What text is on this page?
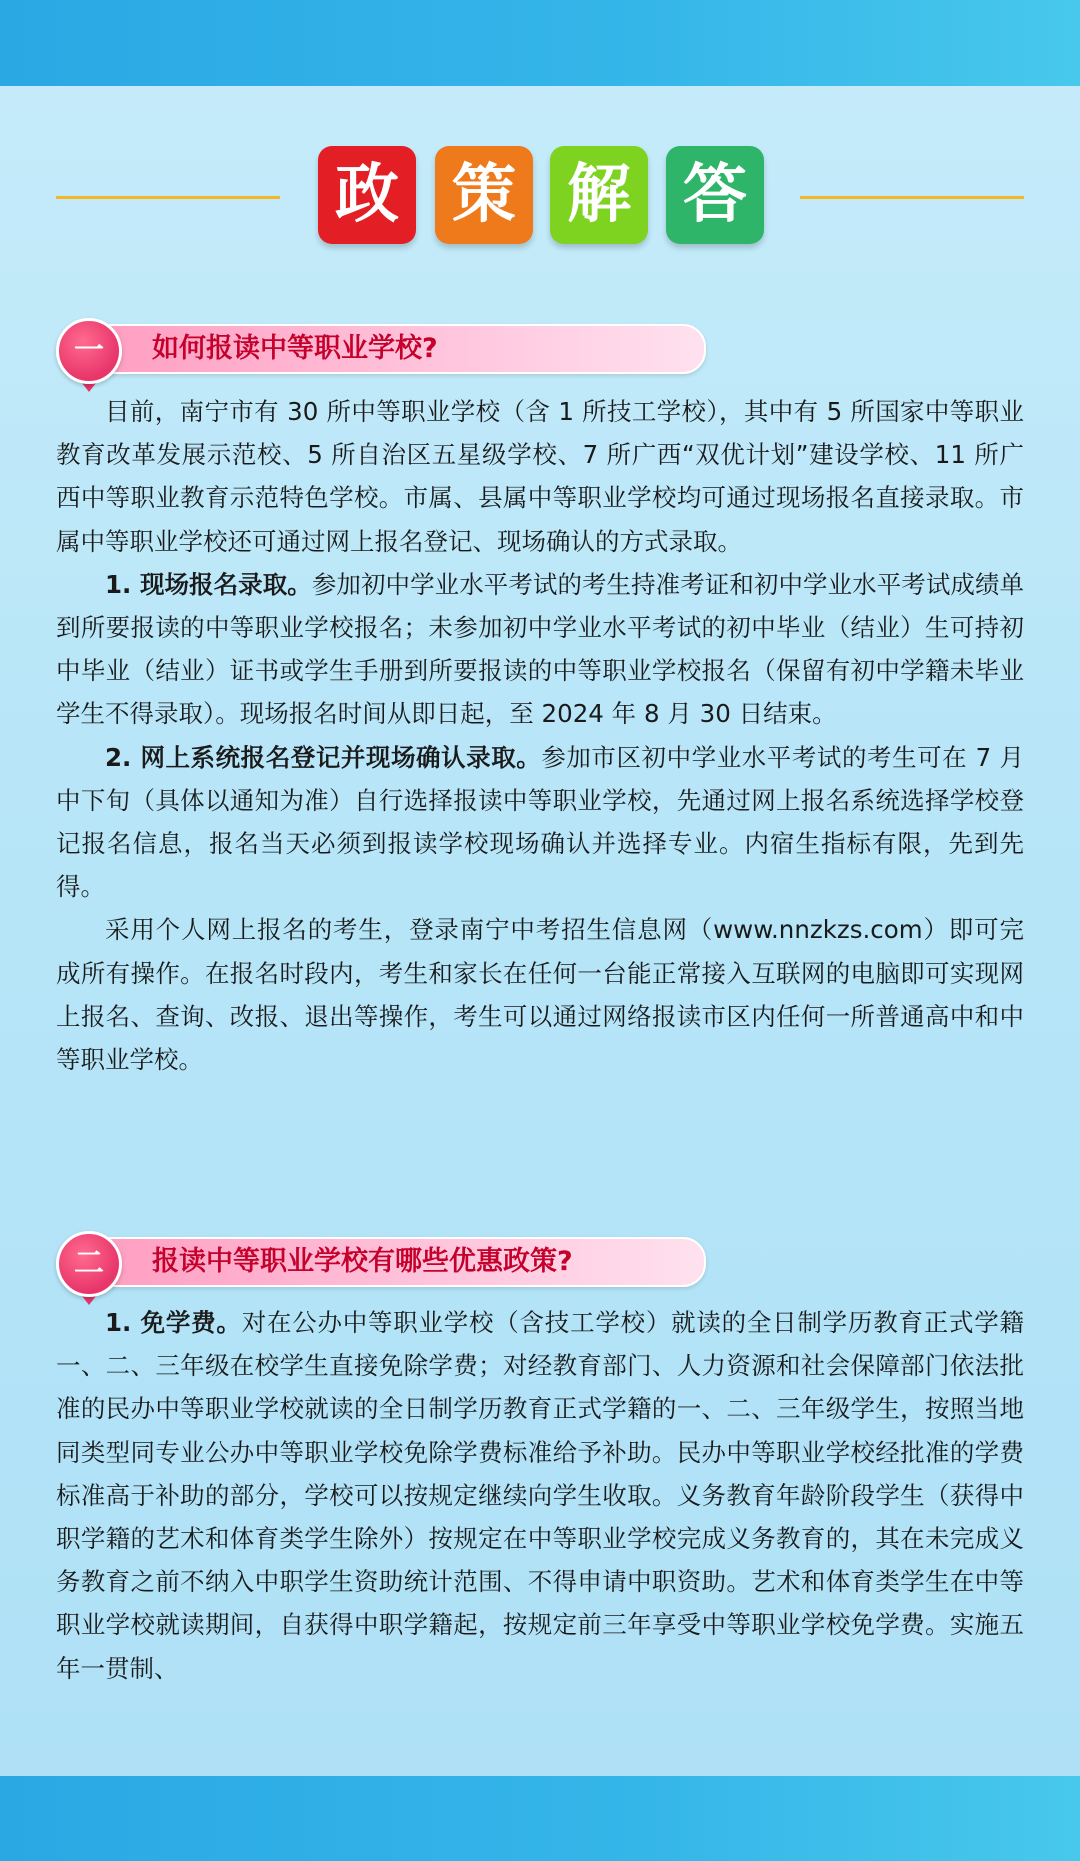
政 策 解 答
一	如何报读中等职业学校?

目前，南宁市有 30 所中等职业学校（含 1 所技工学校），其中有 5 所国家中等职业教育改革发展示范校、5 所自治区五星级学校、7 所广西“双优计划”建设学校、11 所广西中等职业教育示范特色学校。市属、县属中等职业学校均可通过现场报名直接录取。市属中等职业学校还可通过网上报名登记、现场确认的方式录取。

1. 现场报名录取。参加初中学业水平考试的考生持准考证和初中学业水平考试成绩单到所要报读的中等职业学校报名；未参加初中学业水平考试的初中毕业（结业）生可持初中毕业（结业）证书或学生手册到所要报读的中等职业学校报名（保留有初中学籍未毕业学生不得录取）。现场报名时间从即日起，至 2024 年 8 月 30 日结束。

2. 网上系统报名登记并现场确认录取。参加市区初中学业水平考试的考生可在 7 月中下旬（具体以通知为准）自行选择报读中等职业学校，先通过网上报名系统选择学校登记报名信息，报名当天必须到报读学校现场确认并选择专业。内宿生指标有限，先到先得。

采用个人网上报名的考生，登录南宁中考招生信息网（www.nnzkzs.com）即可完成所有操作。在报名时段内，考生和家长在任何一台能正常接入互联网的电脑即可实现网上报名、查询、改报、退出等操作，考生可以通过网络报读市区内任何一所普通高中和中等职业学校。

二	报读中等职业学校有哪些优惠政策?

1. 免学费。对在公办中等职业学校（含技工学校）就读的全日制学历教育正式学籍一、二、三年级在校学生直接免除学费；对经教育部门、人力资源和社会保障部门依法批准的民办中等职业学校就读的全日制学历教育正式学籍的一、二、三年级学生，按照当地同类型同专业公办中等职业学校免除学费标准给予补助。民办中等职业学校经批准的学费标准高于补助的部分，学校可以按规定继续向学生收取。义务教育年龄阶段学生（获得中职学籍的艺术和体育类学生除外）按规定在中等职业学校完成义务教育的，其在未完成义务教育之前不纳入中职学生资助统计范围、不得申请中职资助。艺术和体育类学生在中等职业学校就读期间，自获得中职学籍起，按规定前三年享受中等职业学校免学费。实施五年一贯制、
